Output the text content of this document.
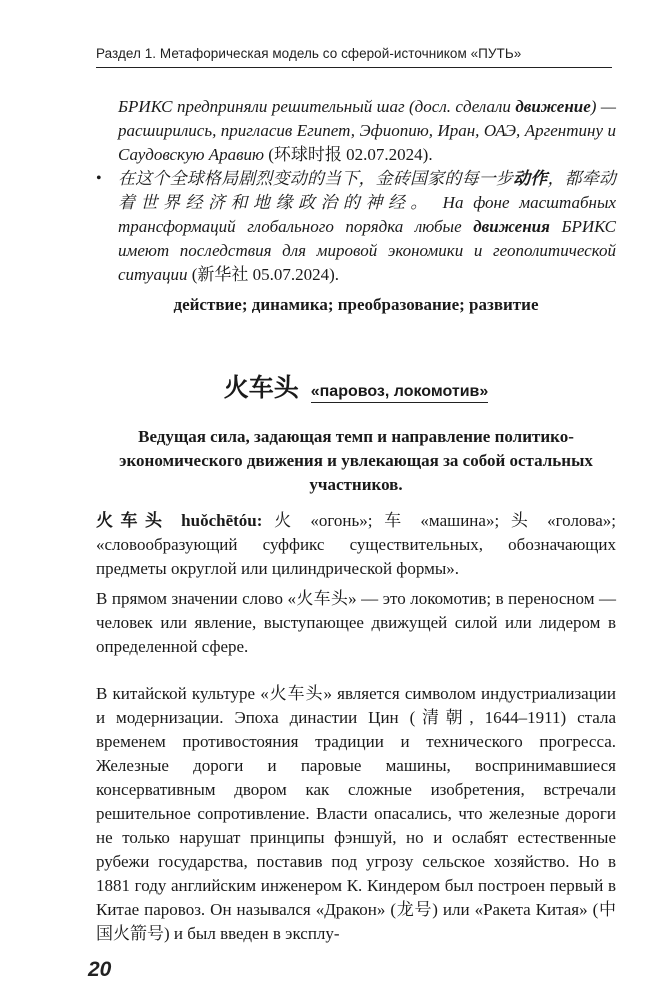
Раздел 1. Метафорическая модель со сферой-источником «ПУТЬ»
БРИКС предприняли решительный шаг (досл. сделали движение) — расширились, пригласив Египет, Эфиопию, Иран, ОАЭ, Аргентину и Саудовскую Аравию (环球时报 02.07.2024).
• 在这个全球格局剧烈变动的当下，金砖国家的每一步动作，都牵动着世界经济和地缘政治的神经。 На фоне масштабных трансформаций глобального порядка любые движения БРИКС имеют последствия для мировой экономики и геополитической ситуации (新华社 05.07.2024).
действие; динамика; преобразование; развитие
火车头 «паровоз, локомотив»
Ведущая сила, задающая темп и направление политико-экономического движения и увлекающая за собой остальных участников.
火车头 huǒchētóu: 火 «огонь»; 车 «машина»; 头 «голова»; «словообразующий суффикс существительных, обозначающих предметы округлой или цилиндрической формы».
В прямом значении слово «火车头» — это локомотив; в переносном — человек или явление, выступающее движущей силой или лидером в определенной сфере.
В китайской культуре «火车头» является символом индустриализации и модернизации. Эпоха династии Цин (清朝, 1644–1911) стала временем противостояния традиции и технического прогресса. Железные дороги и паровые машины, воспринимавшиеся консервативным двором как сложные изобретения, встречали решительное сопротивление. Власти опасались, что железные дороги не только нарушат принципы фэншуй, но и ослабят естественные рубежи государства, поставив под угрозу сельское хозяйство. Но в 1881 году английским инженером К. Киндером был построен первый в Китае паровоз. Он назывался «Дракон» (龙号) или «Ракета Китая» (中国火箭号) и был введен в эксплу-
20
